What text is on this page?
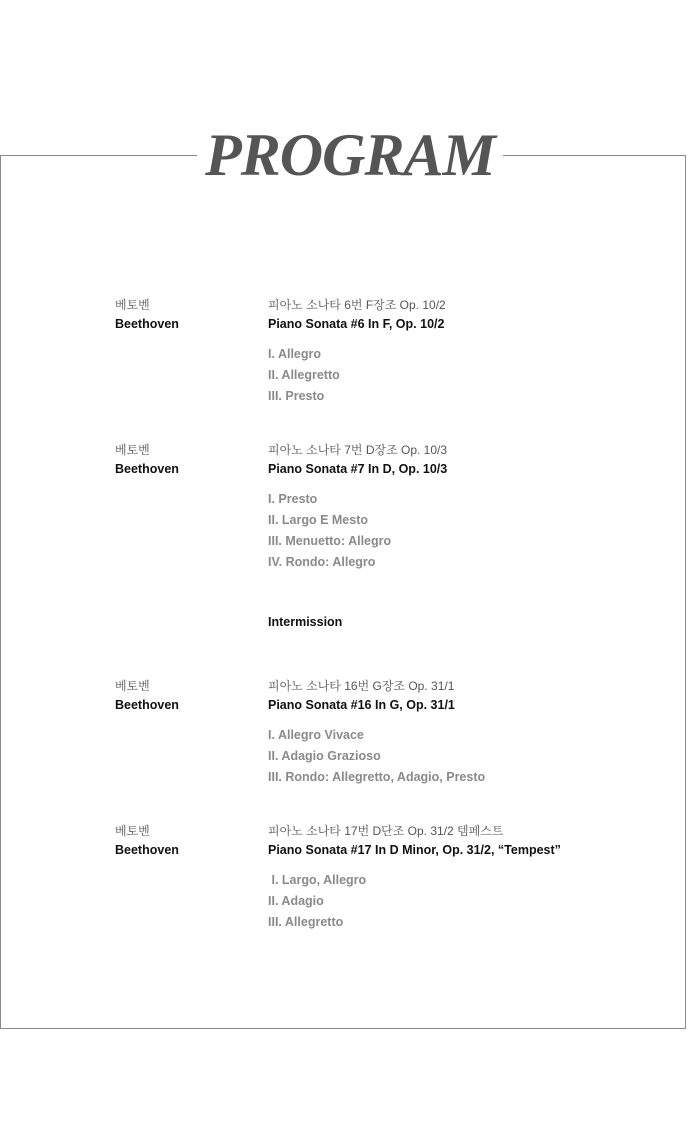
PROGRAM
베토벤
Beethoven
피아노 소나타 6번 F장조 Op. 10/2
Piano Sonata #6 In F, Op. 10/2
I. Allegro
II. Allegretto
III. Presto
베토벤
Beethoven
피아노 소나타 7번 D장조 Op. 10/3
Piano Sonata #7 In D, Op. 10/3
I. Presto
II. Largo E Mesto
III. Menuetto: Allegro
IV. Rondo: Allegro
Intermission
베토벤
Beethoven
피아노 소나타 16번 G장조 Op. 31/1
Piano Sonata #16 In G, Op. 31/1
I. Allegro Vivace
II. Adagio Grazioso
III. Rondo: Allegretto, Adagio, Presto
베토벤
Beethoven
피아노 소나타 17번 D단조 Op. 31/2 템페스트
Piano Sonata #17 In D Minor, Op. 31/2, “Tempest”
I. Largo, Allegro
II. Adagio
III. Allegretto
